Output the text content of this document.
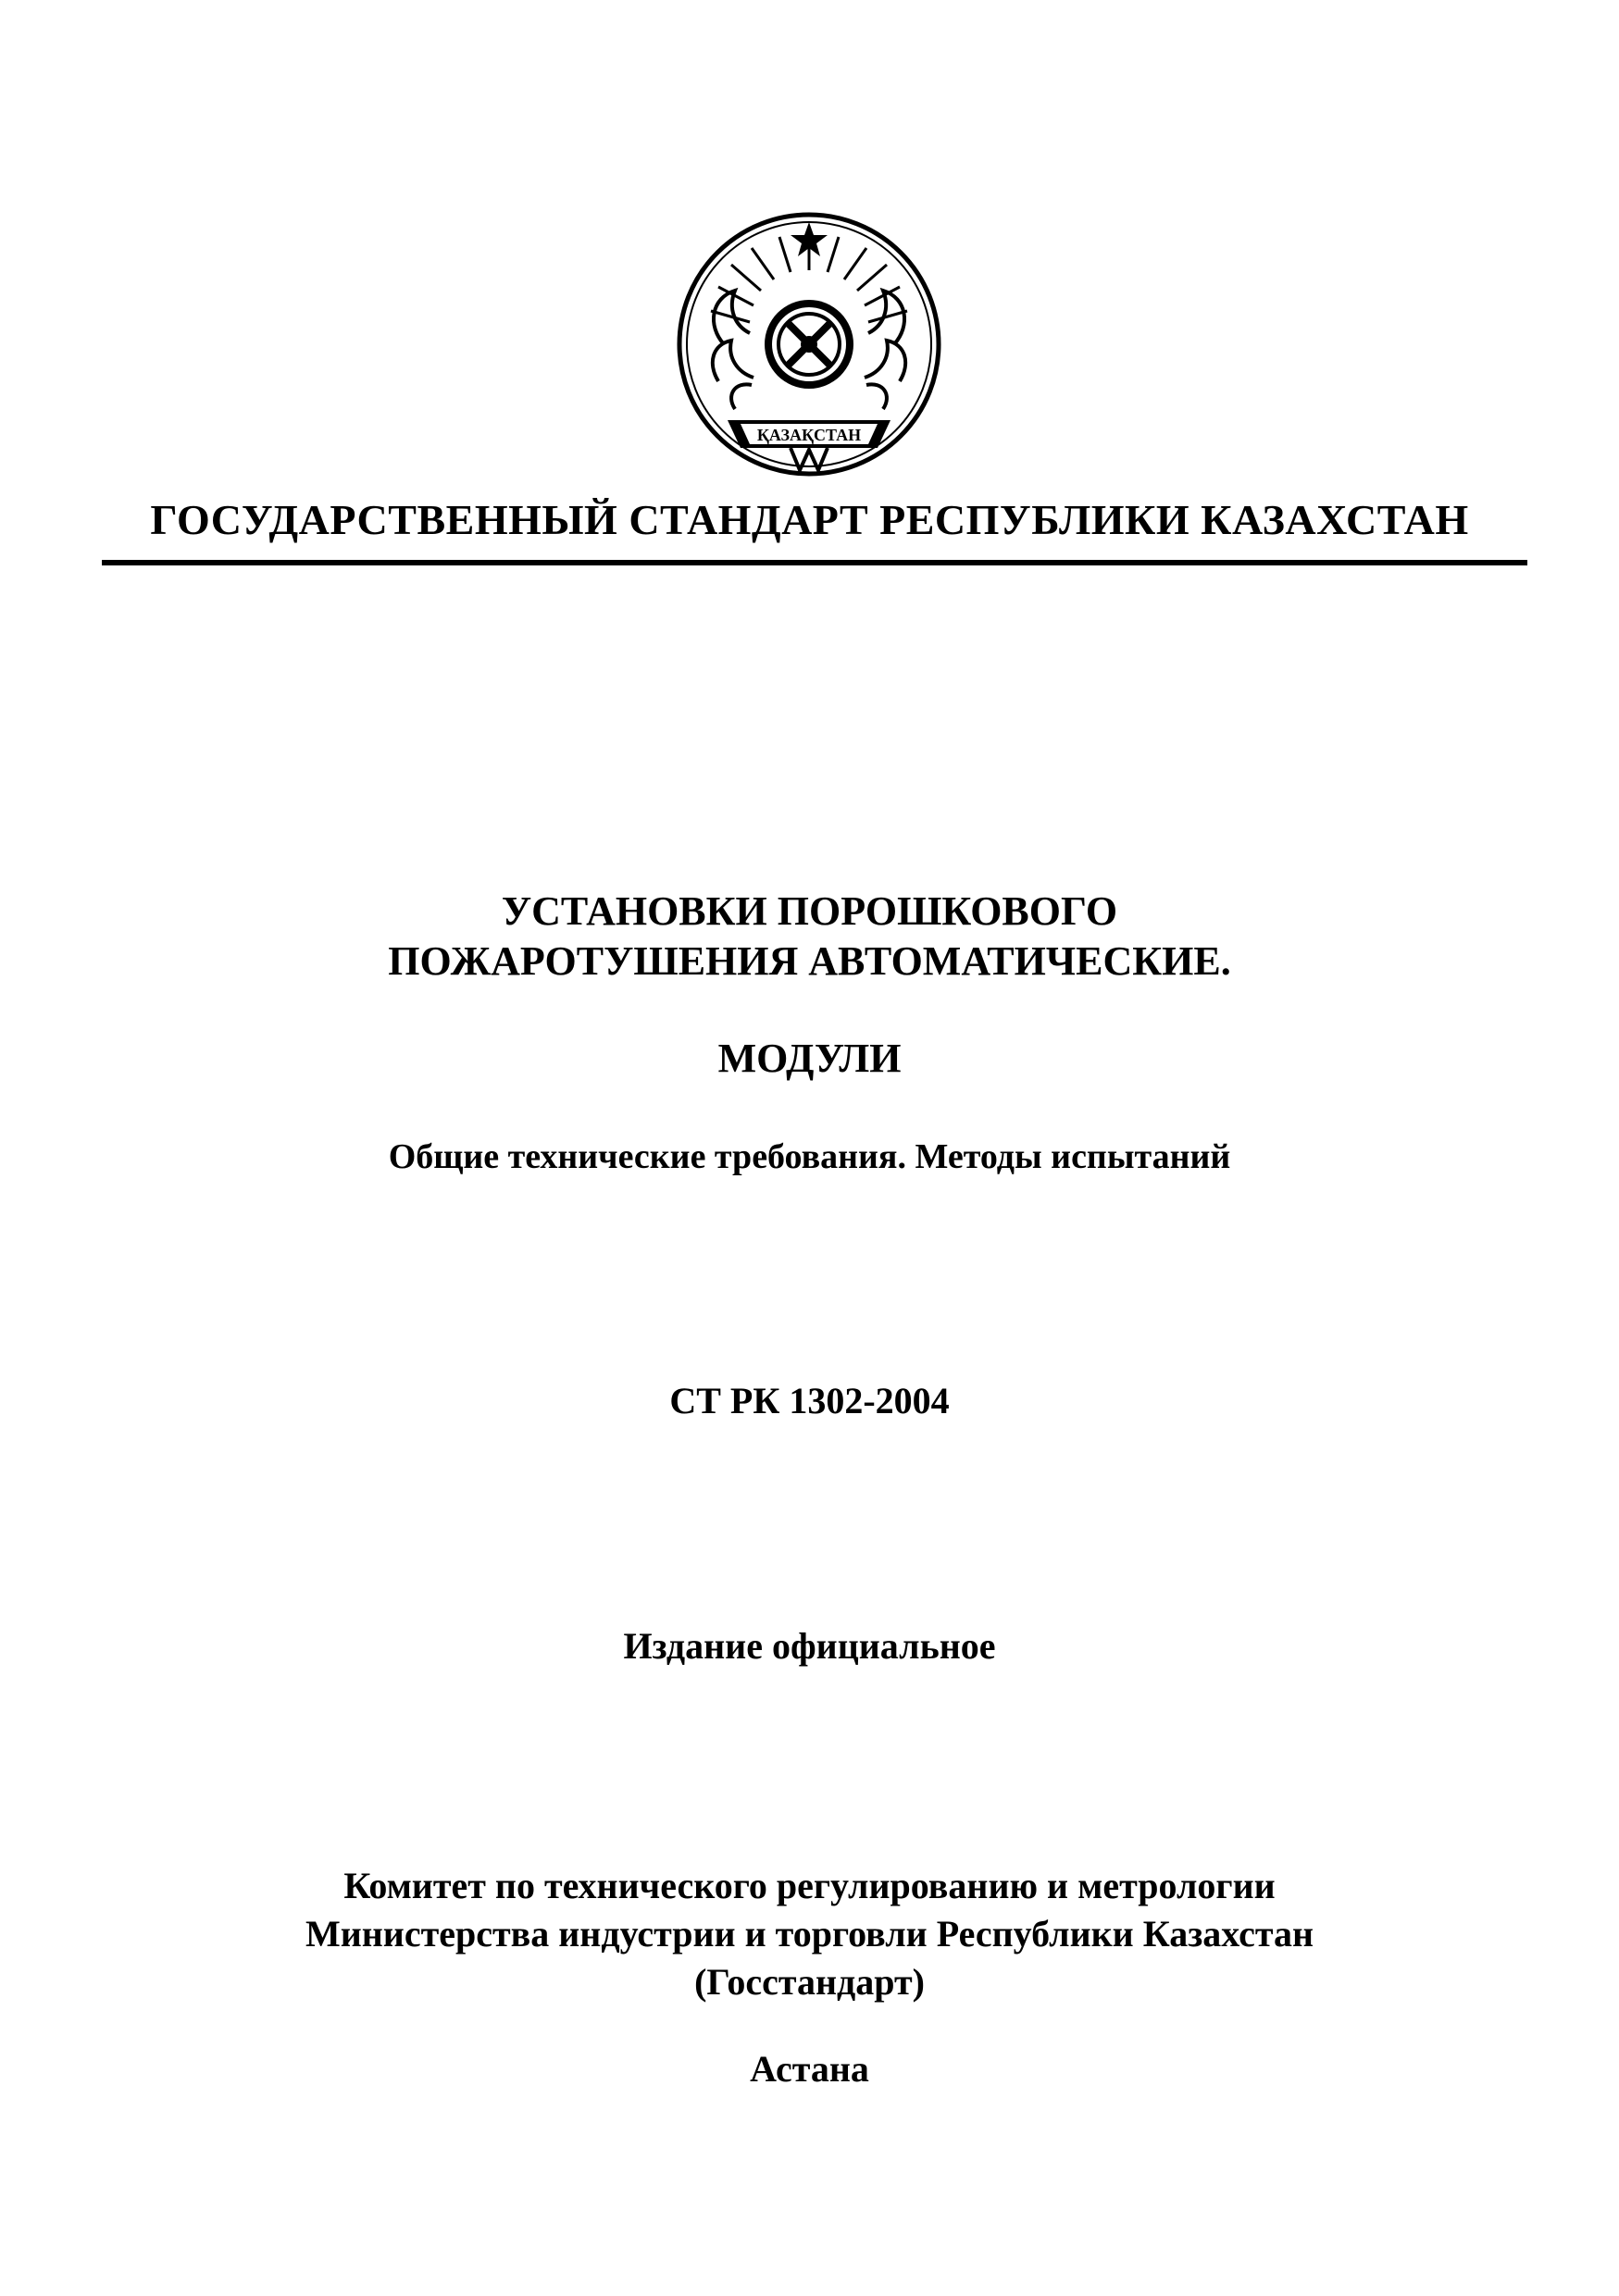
ҚАЗАҚСТАН
ГОСУДАРСТВЕННЫЙ СТАНДАРТ РЕСПУБЛИКИ КАЗАХСТАН
УСТАНОВКИ ПОРОШКОВОГО
ПОЖАРОТУШЕНИЯ АВТОМАТИЧЕСКИЕ.
МОДУЛИ
Общие технические требования. Методы испытаний
СТ РК 1302-2004
Издание официальное
Комитет по технического регулированию и метрологии
Министерства индустрии и торговли Республики Казахстан
(Госстандарт)
Астана
